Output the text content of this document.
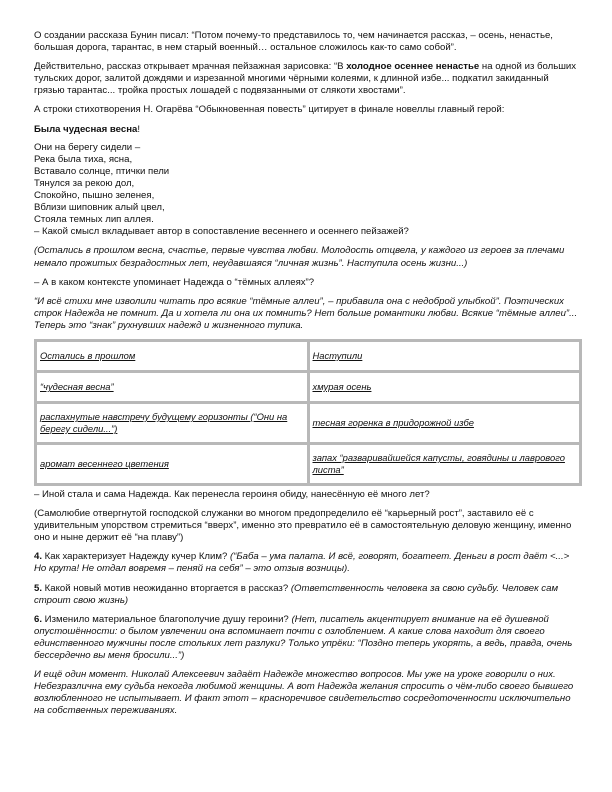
О создании рассказа Бунин писал: “Потом почему-то представилось то, чем начинается рассказ, – осень, ненастье, большая дорога, тарантас, в нем старый военный… остальное сложилось как-то само собой”.

Действительно, рассказ открывает мрачная пейзажная зарисовка: “В холодное осеннее ненастье на одной из больших тульских дорог, залитой дождями и изрезанной многими чёрными колеями, к длинной избе... подкатил закиданный грязью тарантас... тройка простых лошадей с подвязанными от слякоти хвостами”.

А строки стихотворения Н. Огарёва “Обыкновенная повесть” цитирует в финале новеллы главный герой:

Была чудесная весна!
Они на берегу сидели –
Река была тиха, ясна,
Вставало солнце, птички пели
Тянулся за рекою дол,
Спокойно, пышно зеленея,
Вблизи шиповник алый цвел,
Стояла темных лип аллея.
– Какой смысл вкладывает автор в сопоставление весеннего и осеннего пейзажей?

(Остались в прошлом весна, счастье, первые чувства любви. Молодость отцвела, у каждого из героев за плечами немало прожитых безрадостных лет, неудавшаяся “личная жизнь”. Наступила осень жизни...)

– А в каком контексте упоминает Надежда о “тёмных аллеях”?

“И всё стихи мне изволили читать про всякие “тёмные аллеи”, – прибавила она с недоброй улыбкой”. Поэтических строк Надежда не помнит. Да и хотела ли она их помнить? Нет больше романтики любви. Всякие “тёмные аллеи”... Теперь это “знак” рухнувших надежд и жизненного тупика.

Остались в прошлом	Наступили
“чудесная весна”	хмурая осень
распахнутые навстречу будущему горизонты (“Они на берегу сидели...”)	тесная горенка в придорожной избе
аромат весеннего цветения	запах “разваривайшейся капусты, говядины и лаврового листа”

– Иной стала и сама Надежда. Как перенесла героиня обиду, нанесённую её много лет?

(Самолюбие отвергнутой господской служанки во многом предопределило её “карьерный рост”, заставило её с удивительным упорством стремиться “вверх”, именно это превратило её в самостоятельную деловую женщину, именно оно и ныне держит её “на плаву”)

4. Как характеризует Надежду кучер Клим? (“Баба – ума палата. И всё, говорят, богатеет. Деньги в рост даёт <...> Но крута! Не отдал вовремя – пеняй на себя” – это отзыв возницы).

5. Какой новый мотив неожиданно вторгается в рассказ? (Ответственность человека за свою судьбу. Человек сам строит свою жизнь)

6. Изменило материальное благополучие душу героини? (Нет, писатель акцентирует внимание на её душевной опустошённости: о былом увлечении она вспоминает почти с озлоблением. А какие слова находит для своего единственного мужчины после стольких лет разлуки? Только упрёки: “Поздно теперь укорять, а ведь, правда, очень бессердечно вы меня бросили...”)

И ещё один момент. Николай Алексеевич задаёт Надежде множество вопросов. Мы уже на уроке говорили о них. Небезразлична ему судьба некогда любимой женщины. А вот Надежда желания спросить о чём-либо своего бывшего возлюбленного не испытывает. И факт этот – красноречивое свидетельство сосредоточенности исключительно на собственных переживаниях.
